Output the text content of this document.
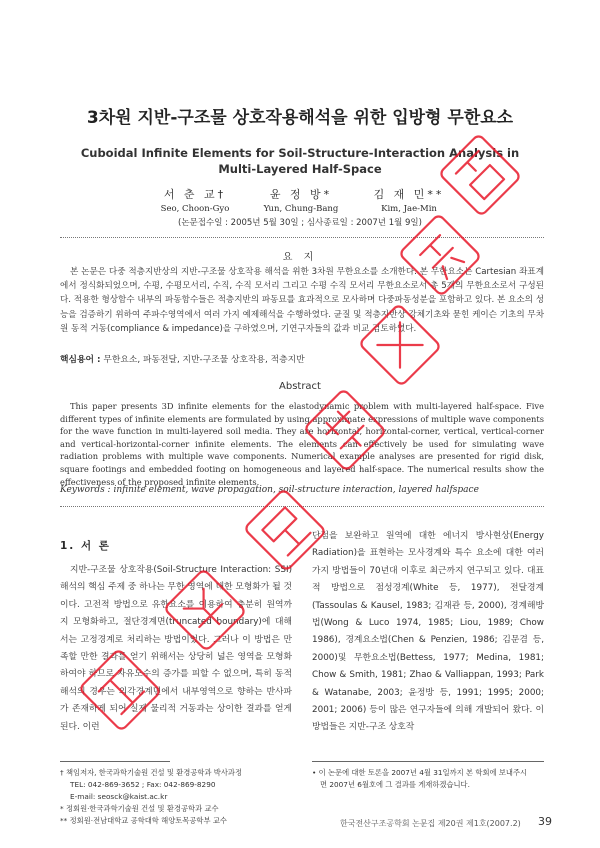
3차원 지반-구조물 상호작용해석을 위한 입방형 무한요소
Cuboidal Infinite Elements for Soil-Structure-Interaction Analysis in
Multi-Layered Half-Space
서 춘 교†
Seo, Choon-Gyo
윤 정 방*
Yun, Chung-Bang
김 재 민**
Kim, Jae-Min
(논문접수일 : 2005년 5월 30일 ; 심사종료일 : 2007년 1월 9일)
요 지
본 논문은 다중 적층지반상의 지반-구조물 상호작용 해석을 위한 3차원 무한요소를 소개한다. 본 무한요소는 Cartesian 좌표계에서 정식화되었으며, 수평, 수평모서리, 수직, 수직 모서리 그리고 수평 수직 모서리 무한요소로서 총 5개의 무한요소로서 구성된다. 적용한 형상함수 내부의 파동함수들은 적층지반의 파동묘를 효과적으로 모사하며 다중파동성분을 포함하고 있다. 본 요소의 성능을 검증하기 위하여 주파수영역에서 여러 가지 예제해석을 수행하였다. 균질 및 적층지반상 강체기초와 묻힌 케이슨 기초의 무차원 동적 거동(compliance & impedance)을 구하였으며, 기연구자들의 값과 비교 검토하였다.
핵심용어 : 무한요소, 파동전달, 지반-구조물 상호작용, 적층지반
Abstract
This paper presents 3D infinite elements for the elastodynamic problem with multi-layered half-space. Five different types of infinite elements are formulated by using approximate expressions of multiple wave components for the wave function in multi-layered soil media. They are horizontal, horizontal-corner, vertical, vertical-corner and vertical-horizontal-corner infinite elements. The elements can effectively be used for simulating wave radiation problems with multiple wave components. Numerical example analyses are presented for rigid disk, square footings and embedded footing on homogeneous and layered half-space. The numerical results show the effectiveness of the proposed infinite elements.
Keywords : infinite element, wave propagation, soil-structure interaction, layered halfspace
1. 서 론
지반-구조물 상호작용(Soil-Structure Interaction: SSI) 해석의 핵심 주제 중 하나는 무한 영역에 대한 모형화가 될 것이다. 고전적 방법으로 유한요소를 이용하여 충분히 원역까지 모형화하고, 절단경계면(truncated boundary)에 대해서는 고정경계로 처리하는 방법이었다. 그러나 이 방법은 만족할 만한 결과를 얻기 위해서는 상당히 넓은 영역을 모형화 하여야 하므로 자유도수의 증가를 피할 수 없으며, 특히 동적 해석의 경우는 외각경계면에서 내부영역으로 향하는 반사파가 존재하게 되어 실제 물리적 거동과는 상이한 결과를 얻게 된다. 이런
단점을 보완하고 원역에 대한 에너지 방사현상(Energy Radiation)을 표현하는 모사경계와 특수 요소에 대한 여러 가지 방법들이 70년대 이후로 최근까지 연구되고 있다. 대표적 방법으로 점성경계(White 등, 1977), 전달경계(Tassoulas & Kausel, 1983; 김재관 등, 2000), 경계해방법(Wong & Luco 1974, 1985; Liou, 1989; Chow 1986), 경계요소법(Chen & Penzien, 1986; 김문겸 등, 2000)및 무한요소법(Bettess, 1977; Medina, 1981; Chow & Smith, 1981; Zhao & Valliappan, 1993; Park & Watanabe, 2003; 윤정방 등, 1991; 1995; 2000; 2001; 2006) 등이 많은 연구자들에 의해 개발되어 왔다. 이 방법들은 지반-구조 상호작
† 책임저자, 한국과학기술원 건설 및 환경공학과 박사과정
TEL: 042-869-3652 ; Fax: 042-869-8290
E-mail: seosck@kaist.ac.kr
* 정회원·한국과학기술원 건설 및 환경공학과 교수
** 정회원·전남대학교 공학대학 해양토목공학부 교수
• 이 논문에 대한 토론을 2007년 4월 31일까지 본 학회에 보내주시
면 2007년 6월호에 그 결과를 게재하겠습니다.
한국전산구조공학회 논문집 제20권 제1호(2007.2) 39
